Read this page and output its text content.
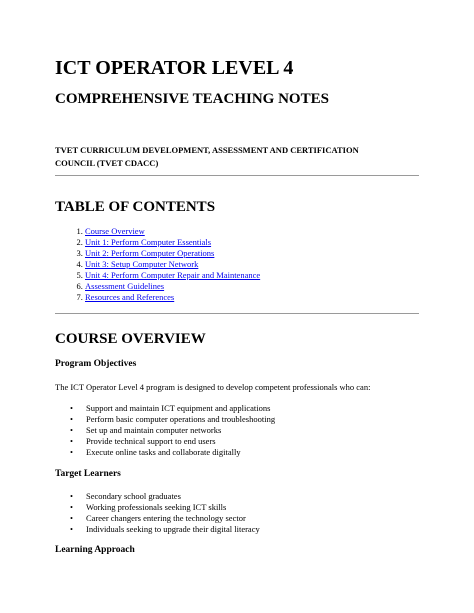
ICT OPERATOR LEVEL 4
COMPREHENSIVE TEACHING NOTES
TVET CURRICULUM DEVELOPMENT, ASSESSMENT AND CERTIFICATION COUNCIL (TVET CDACC)
TABLE OF CONTENTS
1. Course Overview
2. Unit 1: Perform Computer Essentials
3. Unit 2: Perform Computer Operations
4. Unit 3: Setup Computer Network
5. Unit 4: Perform Computer Repair and Maintenance
6. Assessment Guidelines
7. Resources and References
COURSE OVERVIEW
Program Objectives
The ICT Operator Level 4 program is designed to develop competent professionals who can:
• Support and maintain ICT equipment and applications
• Perform basic computer operations and troubleshooting
• Set up and maintain computer networks
• Provide technical support to end users
• Execute online tasks and collaborate digitally
Target Learners
• Secondary school graduates
• Working professionals seeking ICT skills
• Career changers entering the technology sector
• Individuals seeking to upgrade their digital literacy
Learning Approach
